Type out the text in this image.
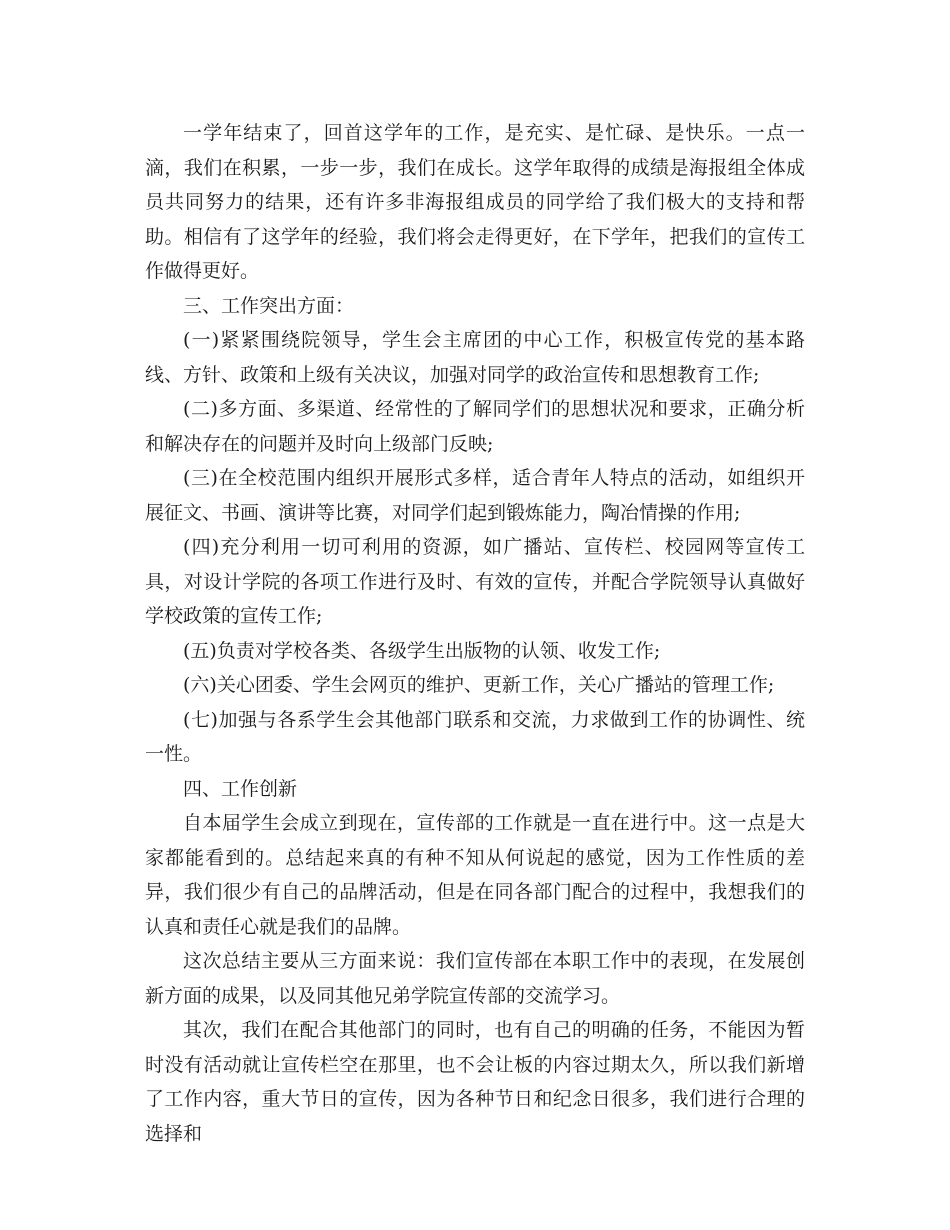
一学年结束了，回首这学年的工作，是充实、是忙碌、是快乐。一点一滴，我们在积累，一步一步，我们在成长。这学年取得的成绩是海报组全体成员共同努力的结果，还有许多非海报组成员的同学给了我们极大的支持和帮助。相信有了这学年的经验，我们将会走得更好，在下学年，把我们的宣传工作做得更好。

三、工作突出方面：

(一)紧紧围绕院领导，学生会主席团的中心工作，积极宣传党的基本路线、方针、政策和上级有关决议，加强对同学的政治宣传和思想教育工作;

(二)多方面、多渠道、经常性的了解同学们的思想状况和要求，正确分析和解决存在的问题并及时向上级部门反映;

(三)在全校范围内组织开展形式多样，适合青年人特点的活动，如组织开展征文、书画、演讲等比赛，对同学们起到锻炼能力，陶冶情操的作用;

(四)充分利用一切可利用的资源，如广播站、宣传栏、校园网等宣传工具，对设计学院的各项工作进行及时、有效的宣传，并配合学院领导认真做好学校政策的宣传工作;

(五)负责对学校各类、各级学生出版物的认领、收发工作;

(六)关心团委、学生会网页的维护、更新工作，关心广播站的管理工作;

(七)加强与各系学生会其他部门联系和交流，力求做到工作的协调性、统一性。

四、工作创新

自本届学生会成立到现在，宣传部的工作就是一直在进行中。这一点是大家都能看到的。总结起来真的有种不知从何说起的感觉，因为工作性质的差异，我们很少有自己的品牌活动，但是在同各部门配合的过程中，我想我们的认真和责任心就是我们的品牌。

这次总结主要从三方面来说：我们宣传部在本职工作中的表现，在发展创新方面的成果，以及同其他兄弟学院宣传部的交流学习。

其次，我们在配合其他部门的同时，也有自己的明确的任务，不能因为暂时没有活动就让宣传栏空在那里，也不会让板的内容过期太久，所以我们新增了工作内容，重大节日的宣传，因为各种节日和纪念日很多，我们进行合理的选择和
